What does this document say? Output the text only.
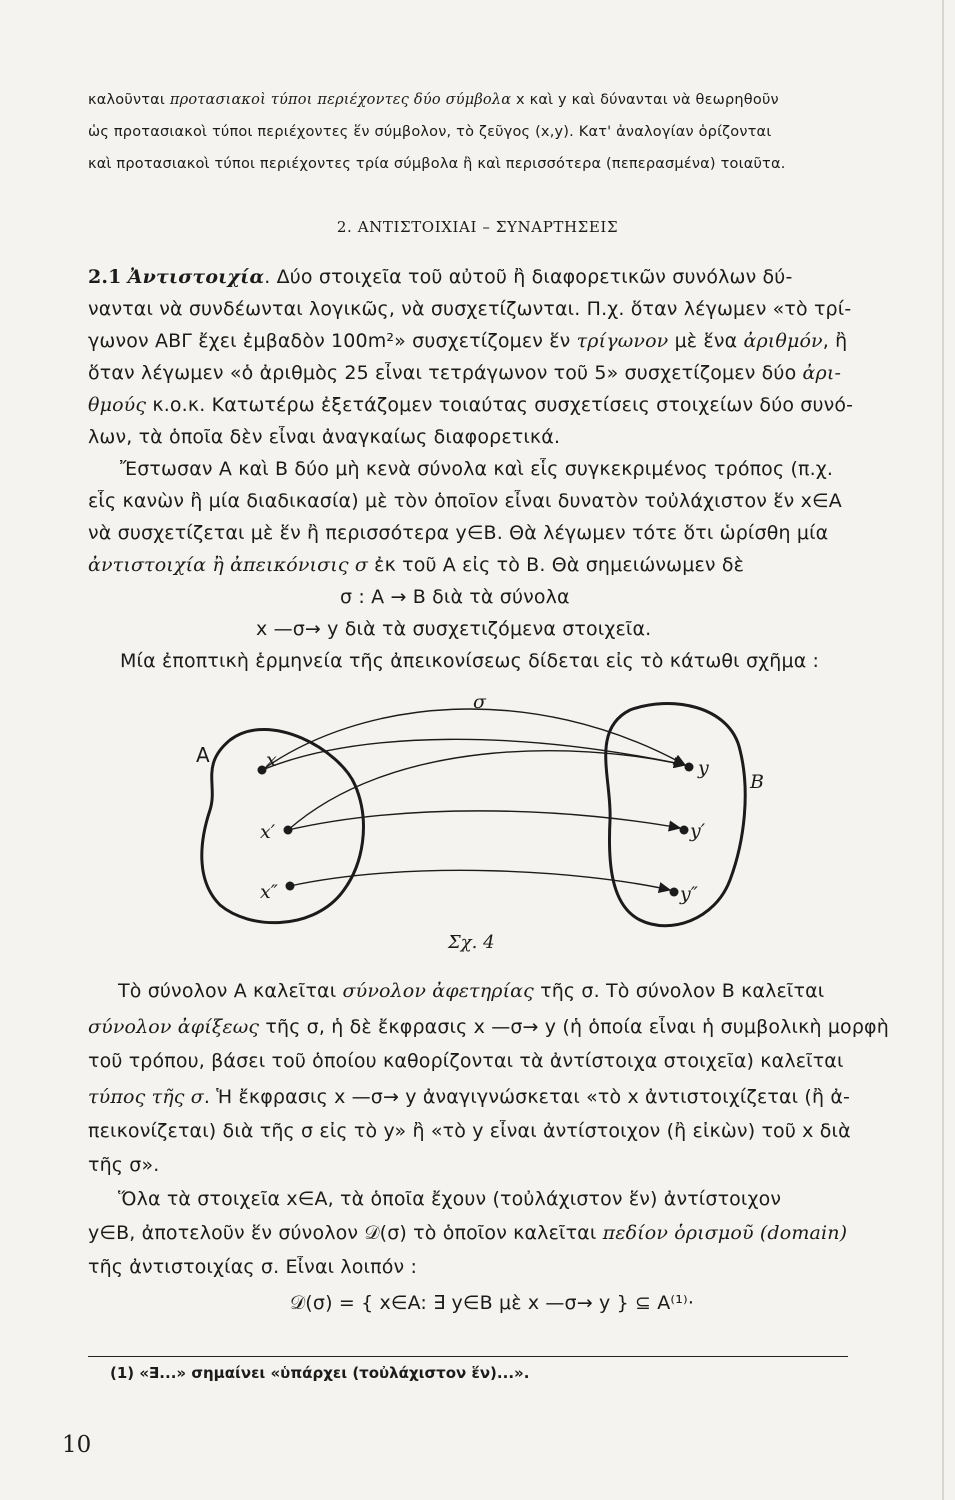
καλοῦνται προτασιακοὶ τύποι περιέχοντες δύο σύμβολα x καὶ y καὶ δύνανται νὰ θεωρηθοῦν
ὡς προτασιακοὶ τύποι περιέχοντες ἕν σύμβολον, τὸ ζεῦγος (x,y). Κατ' ἀναλογίαν ὁρίζονται
καὶ προτασιακοὶ τύποι περιέχοντες τρία σύμβολα ἢ καὶ περισσότερα (πεπερασμένα) τοιαῦτα.
2. ΑΝΤΙΣΤΟΙΧΙΑΙ – ΣΥΝΑΡΤΗΣΕΙΣ
2.1 Ἀντιστοιχία. Δύο στοιχεῖα τοῦ αὐτοῦ ἢ διαφορετικῶν συνόλων δύ-
νανται νὰ συνδέωνται λογικῶς, νὰ συσχετίζωνται. Π.χ. ὅταν λέγωμεν «τὸ τρί-
γωνον ΑΒΓ ἔχει ἐμβαδὸν 100m²» συσχετίζομεν ἕν τρίγωνον μὲ ἕνα ἀριθμόν, ἢ
ὅταν λέγωμεν «ὁ ἀριθμὸς 25 εἶναι τετράγωνον τοῦ 5» συσχετίζομεν δύο ἀρι-
θμούς κ.ο.κ. Κατωτέρω ἐξετάζομεν τοιαύτας συσχετίσεις στοιχείων δύο συνό-
λων, τὰ ὁποῖα δὲν εἶναι ἀναγκαίως διαφορετικά.
Ἔστωσαν Α καὶ Β δύο μὴ κενὰ σύνολα καὶ εἷς συγκεκριμένος τρόπος (π.χ.
εἷς κανὼν ἢ μία διαδικασία) μὲ τὸν ὁποῖον εἶναι δυνατὸν τοὐλάχιστον ἕν x∈A
νὰ συσχετίζεται μὲ ἕν ἢ περισσότερα y∈B. Θὰ λέγωμεν τότε ὅτι ὡρίσθη μία
ἀντιστοιχία ἢ ἀπεικόνισις σ ἐκ τοῦ Α εἰς τὸ Β. Θὰ σημειώνωμεν δὲ
σ : Α → Β διὰ τὰ σύνολα
x —σ→ y διὰ τὰ συσχετιζόμενα στοιχεῖα.
Μία ἐποπτικὴ ἑρμηνεία τῆς ἀπεικονίσεως δίδεται εἰς τὸ κάτωθι σχῆμα :
A
B
σ
x
x′
x″
y
y′
y″
Σχ. 4
Τὸ σύνολον Α καλεῖται σύνολον ἀφετηρίας τῆς σ. Τὸ σύνολον Β καλεῖται
σύνολον ἀφίξεως τῆς σ, ἡ δὲ ἔκφρασις x —σ→ y (ἡ ὁποία εἶναι ἡ συμβολικὴ μορφὴ
τοῦ τρόπου, βάσει τοῦ ὁποίου καθορίζονται τὰ ἀντίστοιχα στοιχεῖα) καλεῖται
τύπος τῆς σ. Ἡ ἔκφρασις x —σ→ y ἀναγιγνώσκεται «τὸ x ἀντιστοιχίζεται (ἢ ἀ-
πεικονίζεται) διὰ τῆς σ εἰς τὸ y» ἢ «τὸ y εἶναι ἀντίστοιχον (ἢ εἰκὼν) τοῦ x διὰ
τῆς σ».
Ὅλα τὰ στοιχεῖα x∈A, τὰ ὁποῖα ἔχουν (τοὐλάχιστον ἕν) ἀντίστοιχον
y∈B, ἀποτελοῦν ἕν σύνολον 𝒟(σ) τὸ ὁποῖον καλεῖται πεδίον ὁρισμοῦ (domain)
τῆς ἀντιστοιχίας σ. Εἶναι λοιπόν :
𝒟(σ) = { x∈A: ∃ y∈B μὲ x —σ→ y } ⊆ A⁽¹⁾·
(1) «∃...» σημαίνει «ὑπάρχει (τοὐλάχιστον ἕν)...».
10
